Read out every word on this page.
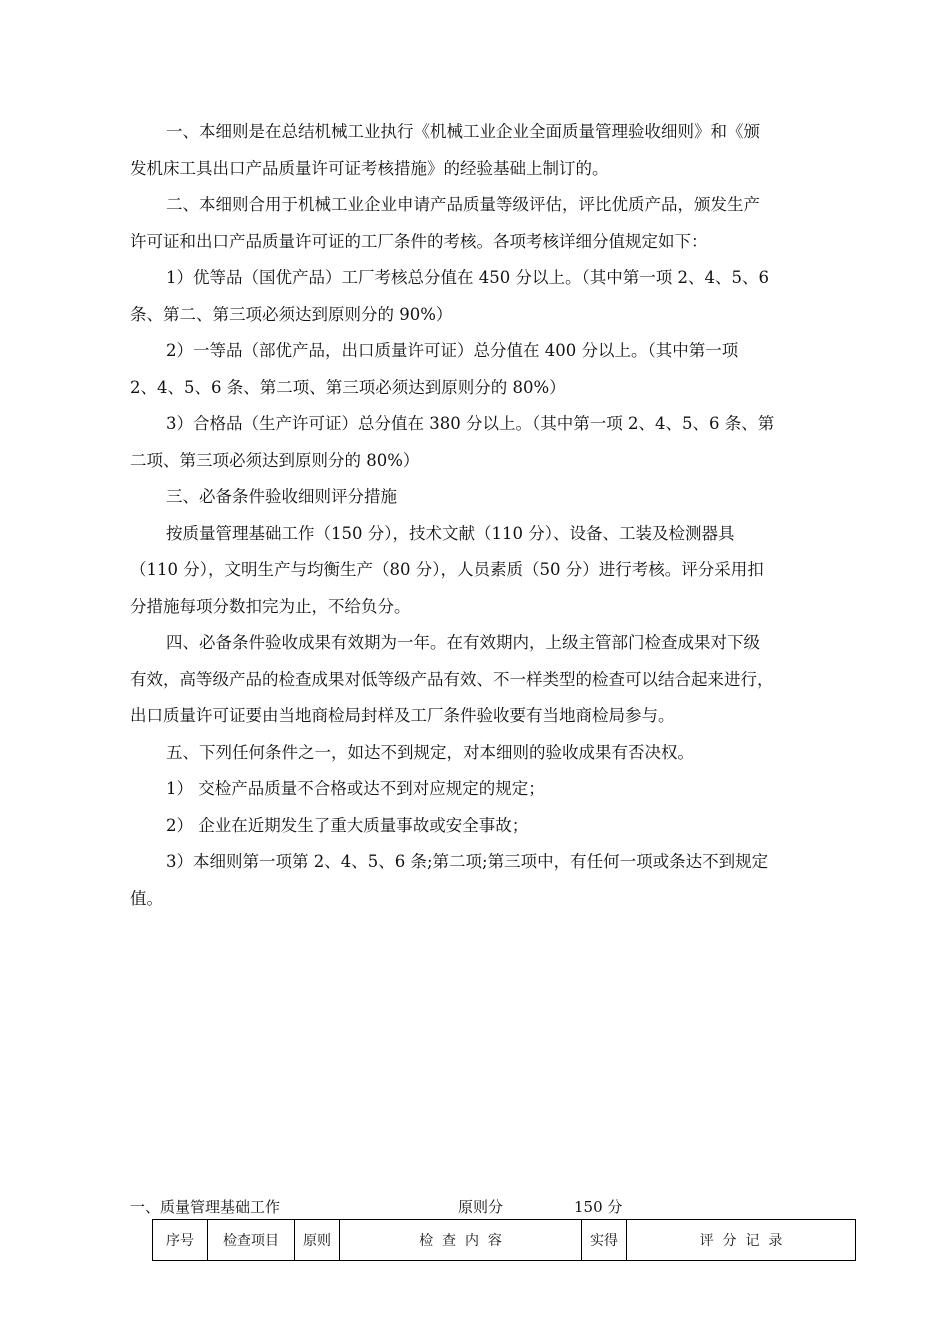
一、本细则是在总结机械工业执行《机械工业企业全面质量管理验收细则》和《颁
发机床工具出口产品质量许可证考核措施》的经验基础上制订的。

二、本细则合用于机械工业企业申请产品质量等级评估，评比优质产品，颁发生产
许可证和出口产品质量许可证的工厂条件的考核。各项考核详细分值规定如下：

1）优等品（国优产品）工厂考核总分值在 450 分以上。（其中第一项 2、4、5、6
条、第二、第三项必须达到原则分的 90%）

2）一等品（部优产品，出口质量许可证）总分值在 400 分以上。（其中第一项
2、4、5、6 条、第二项、第三项必须达到原则分的 80%）

3）合格品（生产许可证）总分值在 380 分以上。（其中第一项 2、4、5、6 条、第
二项、第三项必须达到原则分的 80%）

三、必备条件验收细则评分措施

按质量管理基础工作（150 分），技术文献（110 分）、设备、工装及检测器具
（110 分），文明生产与均衡生产（80 分），人员素质（50 分）进行考核。评分采用扣
分措施每项分数扣完为止，不给负分。

四、必备条件验收成果有效期为一年。在有效期内，上级主管部门检查成果对下级
有效，高等级产品的检查成果对低等级产品有效、不一样类型的检查可以结合起来进行，
出口质量许可证要由当地商检局封样及工厂条件验收要有当地商检局参与。

五、下列任何条件之一，如达不到规定，对本细则的验收成果有否决权。

1） 交检产品质量不合格或达不到对应规定的规定；

2） 企业在近期发生了重大质量事故或安全事故；

3）本细则第一项第 2、4、5、6 条;第二项;第三项中，有任何一项或条达不到规定
值。

一、质量管理基础工作	原则分	150 分
序号	检查项目	原则	检  查  内  容	实得	评  分  记  录
